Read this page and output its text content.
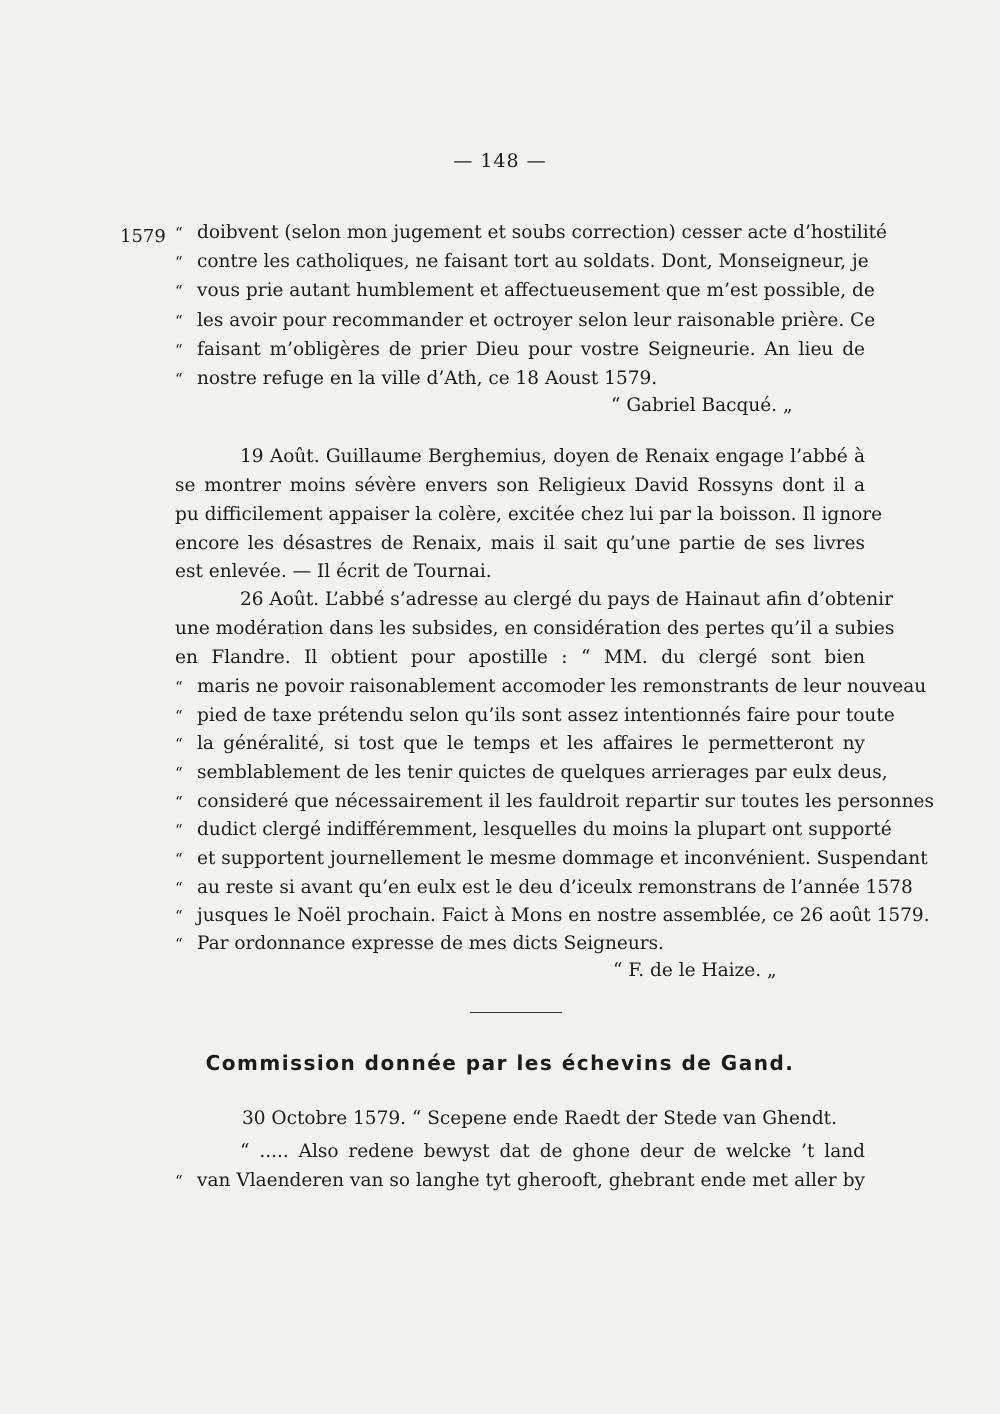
— 148 —
1579 “ doibvent (selon mon jugement et soubs correction) cesser acte d’hostilité
“ contre les catholiques, ne faisant tort au soldats. Dont, Monseigneur, je
“ vous prie autant humblement et affectueusement que m’est possible, de
“ les avoir pour recommander et octroyer selon leur raisonable prière. Ce
“ faisant m’obligères de prier Dieu pour vostre Seigneurie. An lieu de
“ nostre refuge en la ville d’Ath, ce 18 Aoust 1579.
“ Gabriel Bacqué. „
19 Août. Guillaume Berghemius, doyen de Renaix engage l’abbé à
se montrer moins sévère envers son Religieux David Rossyns dont il a
pu difficilement appaiser la colère, excitée chez lui par la boisson. Il ignore
encore les désastres de Renaix, mais il sait qu’une partie de ses livres
est enlevée. — Il écrit de Tournai.
26 Août. L’abbé s’adresse au clergé du pays de Hainaut afin d’obtenir
une modération dans les subsides, en considération des pertes qu’il a subies
en Flandre. Il obtient pour apostille : “ MM. du clergé sont bien
“ maris ne povoir raisonablement accomoder les remonstrants de leur nouveau
“ pied de taxe prétendu selon qu’ils sont assez intentionnés faire pour toute
“ la généralité, si tost que le temps et les affaires le permetteront ny
“ semblablement de les tenir quictes de quelques arrierages par eulx deus,
“ consideré que nécessairement il les fauldroit repartir sur toutes les personnes
“ dudict clergé indifféremment, lesquelles du moins la plupart ont supporté
“ et supportent journellement le mesme dommage et inconvénient. Suspendant
“ au reste si avant qu’en eulx est le deu d’iceulx remonstrans de l’année 1578
“ jusques le Noël prochain. Faict à Mons en nostre assemblée, ce 26 août 1579.
“ Par ordonnance expresse de mes dicts Seigneurs.
“ F. de le Haize. „
Commission donnée par les échevins de Gand.
30 Octobre 1579. “ Scepene ende Raedt der Stede van Ghendt.
“ ..... Also redene bewyst dat de ghone deur de welcke ’t land
“ van Vlaenderen van so langhe tyt gherooft, ghebrant ende met aller by
